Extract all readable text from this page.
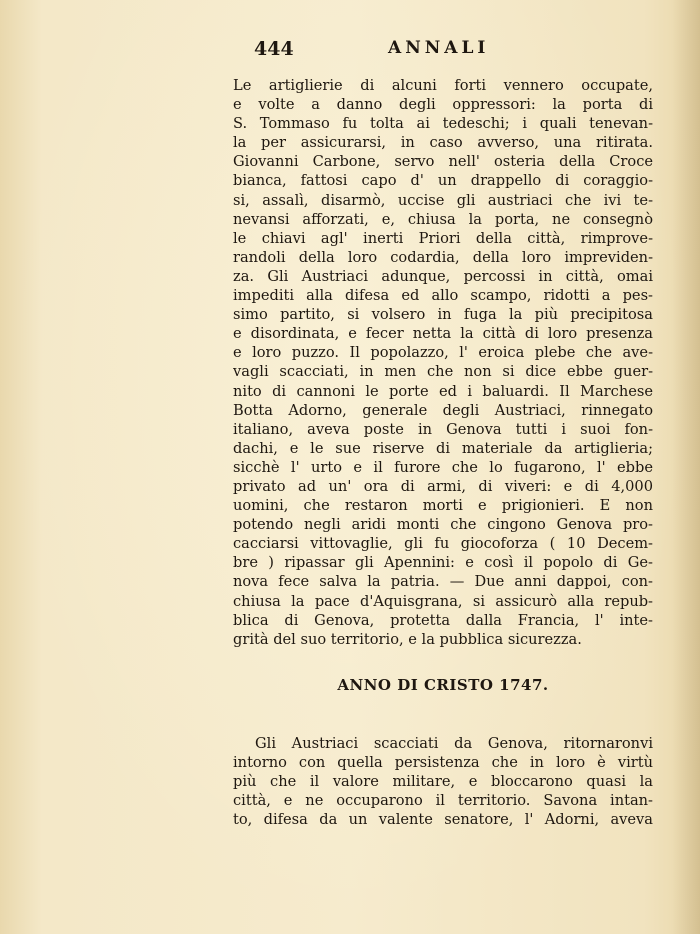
444	ANNALI
Le artiglierie di alcuni forti vennero occupate,
e volte a danno degli oppressori: la porta di
S. Tommaso fu tolta ai tedeschi; i quali tenevan-
la per assicurarsi, in caso avverso, una ritirata.
Giovanni Carbone, servo nell' osteria della Croce
bianca, fattosi capo d' un drappello di coraggio-
si, assalì, disarmò, uccise gli austriaci che ivi te-
nevansi afforzati, e, chiusa la porta, ne consegnò
le chiavi agl' inerti Priori della città, rimprove-
randoli della loro codardia, della loro impreviden-
za. Gli Austriaci adunque, percossi in città, omai
impediti alla difesa ed allo scampo, ridotti a pes-
simo partito, si volsero in fuga la più precipitosa
e disordinata, e fecer netta la città di loro presenza
e loro puzzo. Il popolazzo, l' eroica plebe che ave-
vagli scacciati, in men che non si dice ebbe guer-
nito di cannoni le porte ed i baluardi. Il Marchese
Botta Adorno, generale degli Austriaci, rinnegato
italiano, aveva poste in Genova tutti i suoi fon-
dachi, e le sue riserve di materiale da artiglieria;
sicchè l' urto e il furore che lo fugarono, l' ebbe
privato ad un' ora di armi, di viveri: e di 4,000
uomini, che restaron morti e prigionieri. E non
potendo negli aridi monti che cingono Genova pro-
cacciarsi vittovaglie, gli fu giocoforza ( 10 Decem-
bre ) ripassar gli Apennini: e così il popolo di Ge-
nova fece salva la patria. — Due anni dappoi, con-
chiusa la pace d'Aquisgrana, si assicurò alla repub-
blica di Genova, protetta dalla Francia, l' inte-
grità del suo territorio, e la pubblica sicurezza.
ANNO DI CRISTO 1747.
Gli Austriaci scacciati da Genova, ritornaronvi
intorno con quella persistenza che in loro è virtù
più che il valore militare, e bloccarono quasi la
città, e ne occuparono il territorio. Savona intan-
to, difesa da un valente senatore, l' Adorni, aveva
